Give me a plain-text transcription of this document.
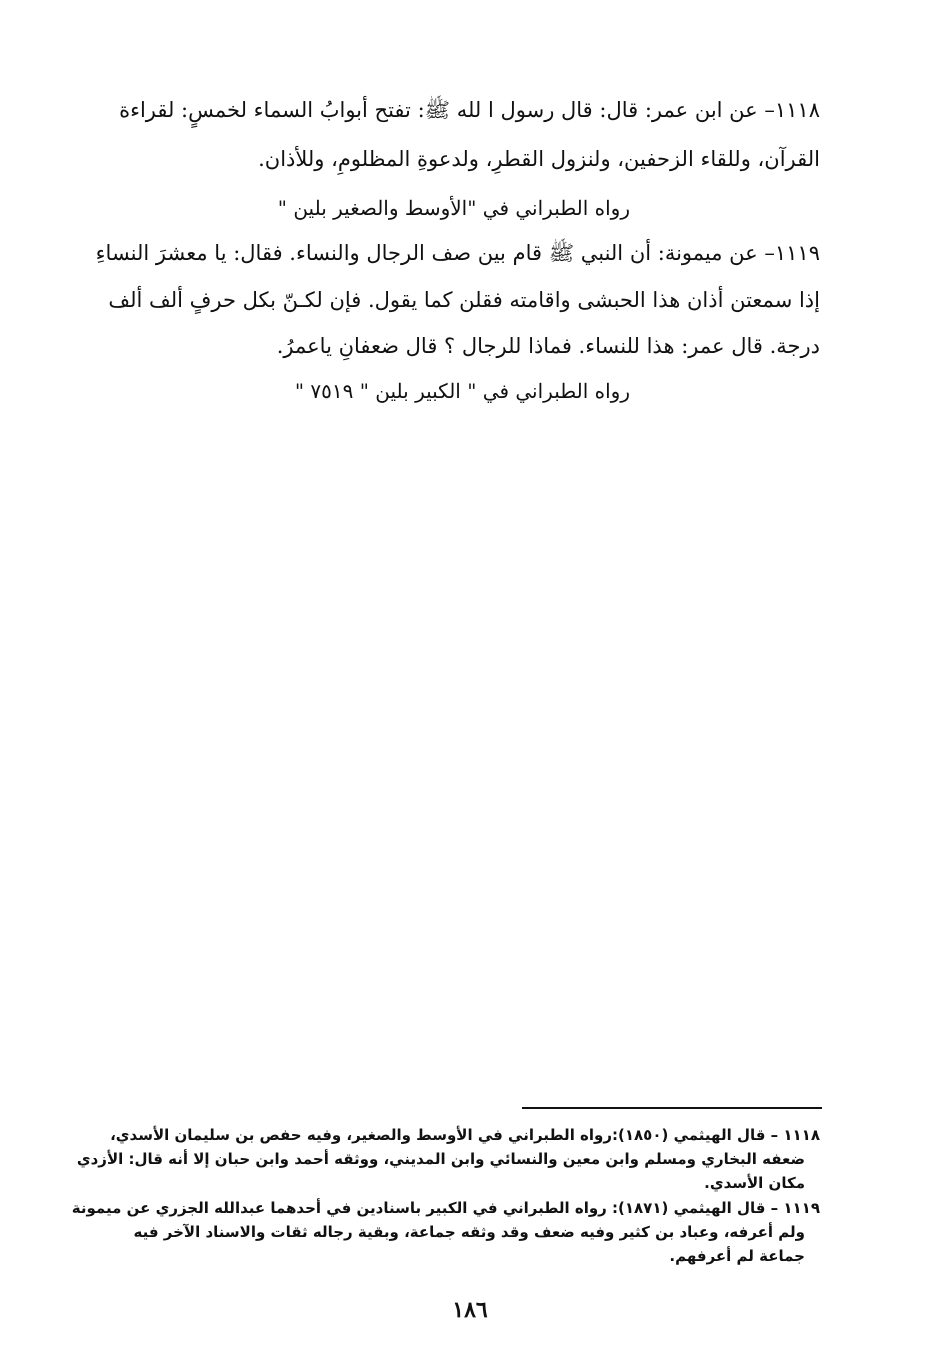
١١١٨– عن ابن عمر: قال: قال رسول ا لله ﷺ: تفتح أبوابُ السماء لخمسٍ: لقراءة
القرآن، وللقاء الزحفين، ولنزول القطرِ، ولدعوةِ المظلومِ، وللأذان.
رواه الطبراني في "الأوسط والصغير بلين "
١١١٩– عن ميمونة: أن النبي ﷺ قام بين صف الرجال والنساء. فقال: يا معشرَ النساءِ
إذا سمعتن أذان هذا الحبشى واقامته فقلن كما يقول. فإن لكـنّ بكل حرفٍ ألف ألف
درجة. قال عمر: هذا للنساء. فماذا للرجال ؟ قال ضعفانِ ياعمرُ.
رواه الطبراني في " الكبير بلين " ٧٥١٩ "
١١١٨ – قال الهيثمي (١٨٥٠):رواه الطبراني في الأوسط والصغير، وفيه حفص بن سليمان الأسدي،
ضعفه البخاري ومسلم وابن معين والنسائي وابن المديني، ووثقه أحمد وابن حبان إلا أنه قال: الأزدي
مكان الأسدي.
١١١٩ – قال الهيثمي (١٨٧١): رواه الطبراني في الكبير باسنادين في أحدهما عبدالله الجزري عن ميمونة
ولم أعرفه، وعباد بن كثير وفيه ضعف وقد وثقه جماعة، وبقية رجاله ثقات والاسناد الآخر فيه
جماعة لم أعرفهم.
١٨٦
